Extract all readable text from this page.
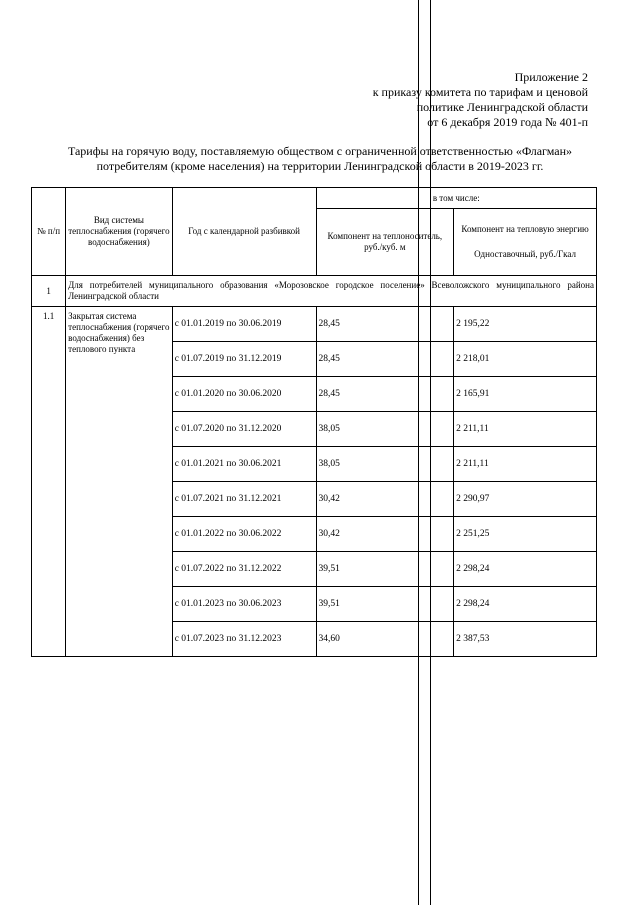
Приложение 2
к приказу комитета по тарифам и ценовой
политике Ленинградской области
от 6 декабря 2019 года № 401-п
Тарифы на горячую воду, поставляемую обществом с ограниченной ответственностью «Флагман»
потребителям (кроме населения) на территории Ленинградской области в 2019-2023 гг.
№ п/п	Вид системы теплоснабжения (горячего водоснабжения)	Год с календарной разбивкой	в том числе:	
			Компонент на теплоноситель, руб./куб. м	Компонент на тепловую энергию
Одноставочный, руб./Гкал

1	Для потребителей муниципального образования «Морозовское городское поселение» Всеволожского муниципального района Ленинградской области			
1.1	Закрытая система теплоснабжения (горячего водоснабжения) без теплового пункта	с 01.01.2019 по 30.06.2019	28,45	2 195,22
		с 01.07.2019 по 31.12.2019	28,45	2 218,01
		с 01.01.2020 по 30.06.2020	28,45	2 165,91
		с 01.07.2020 по 31.12.2020	38,05	2 211,11
		с 01.01.2021 по 30.06.2021	38,05	2 211,11
		с 01.07.2021 по 31.12.2021	30,42	2 290,97
		с 01.01.2022 по 30.06.2022	30,42	2 251,25
		с 01.07.2022 по 31.12.2022	39,51	2 298,24
		с 01.01.2023 по 30.06.2023	39,51	2 298,24
		с 01.07.2023 по 31.12.2023	34,60	2 387,53
